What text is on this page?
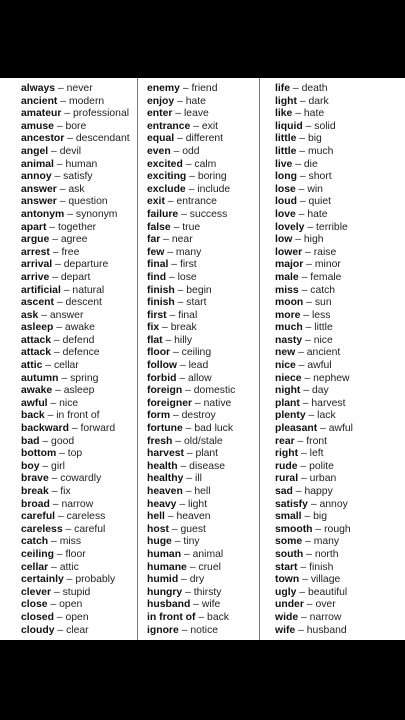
always – never
ancient – modern
amateur – professional
amuse – bore
ancestor – descendant
angel – devil
animal – human
annoy – satisfy
answer – ask
answer – question
antonym – synonym
apart – together
argue – agree
arrest – free
arrival – departure
arrive – depart
artificial – natural
ascent – descent
ask – answer
asleep – awake
attack – defend
attack – defence
attic – cellar
autumn – spring
awake – asleep
awful – nice
back – in front of
backward – forward
bad – good
bottom – top
boy – girl
brave – cowardly
break – fix
broad – narrow
careful – careless
careless – careful
catch – miss
ceiling – floor
cellar – attic
certainly – probably
clever – stupid
close – open
closed – open
cloudy – clear
enemy – friend
enjoy – hate
enter – leave
entrance – exit
equal – different
even – odd
excited – calm
exciting – boring
exclude – include
exit – entrance
failure – success
false – true
far – near
few – many
final – first
find – lose
finish – begin
finish – start
first – final
fix – break
flat – hilly
floor – ceiling
follow – lead
forbid – allow
foreign – domestic
foreigner – native
form – destroy
fortune – bad luck
fresh – old/stale
harvest – plant
health – disease
healthy – ill
heaven – hell
heavy – light
hell – heaven
host – guest
huge – tiny
human – animal
humane – cruel
humid – dry
hungry – thirsty
husband – wife
in front of – back
ignore – notice
life – death
light – dark
like – hate
liquid – solid
little – big
little – much
live – die
long – short
lose – win
loud – quiet
love – hate
lovely – terrible
low – high
lower – raise
major – minor
male – female
miss – catch
moon – sun
more – less
much – little
nasty – nice
new – ancient
nice – awful
niece – nephew
night – day
plant – harvest
plenty – lack
pleasant – awful
rear – front
right – left
rude – polite
rural – urban
sad – happy
satisfy – annoy
small – big
smooth – rough
some – many
south – north
start – finish
town – village
ugly – beautiful
under – over
wide – narrow
wife – husband
